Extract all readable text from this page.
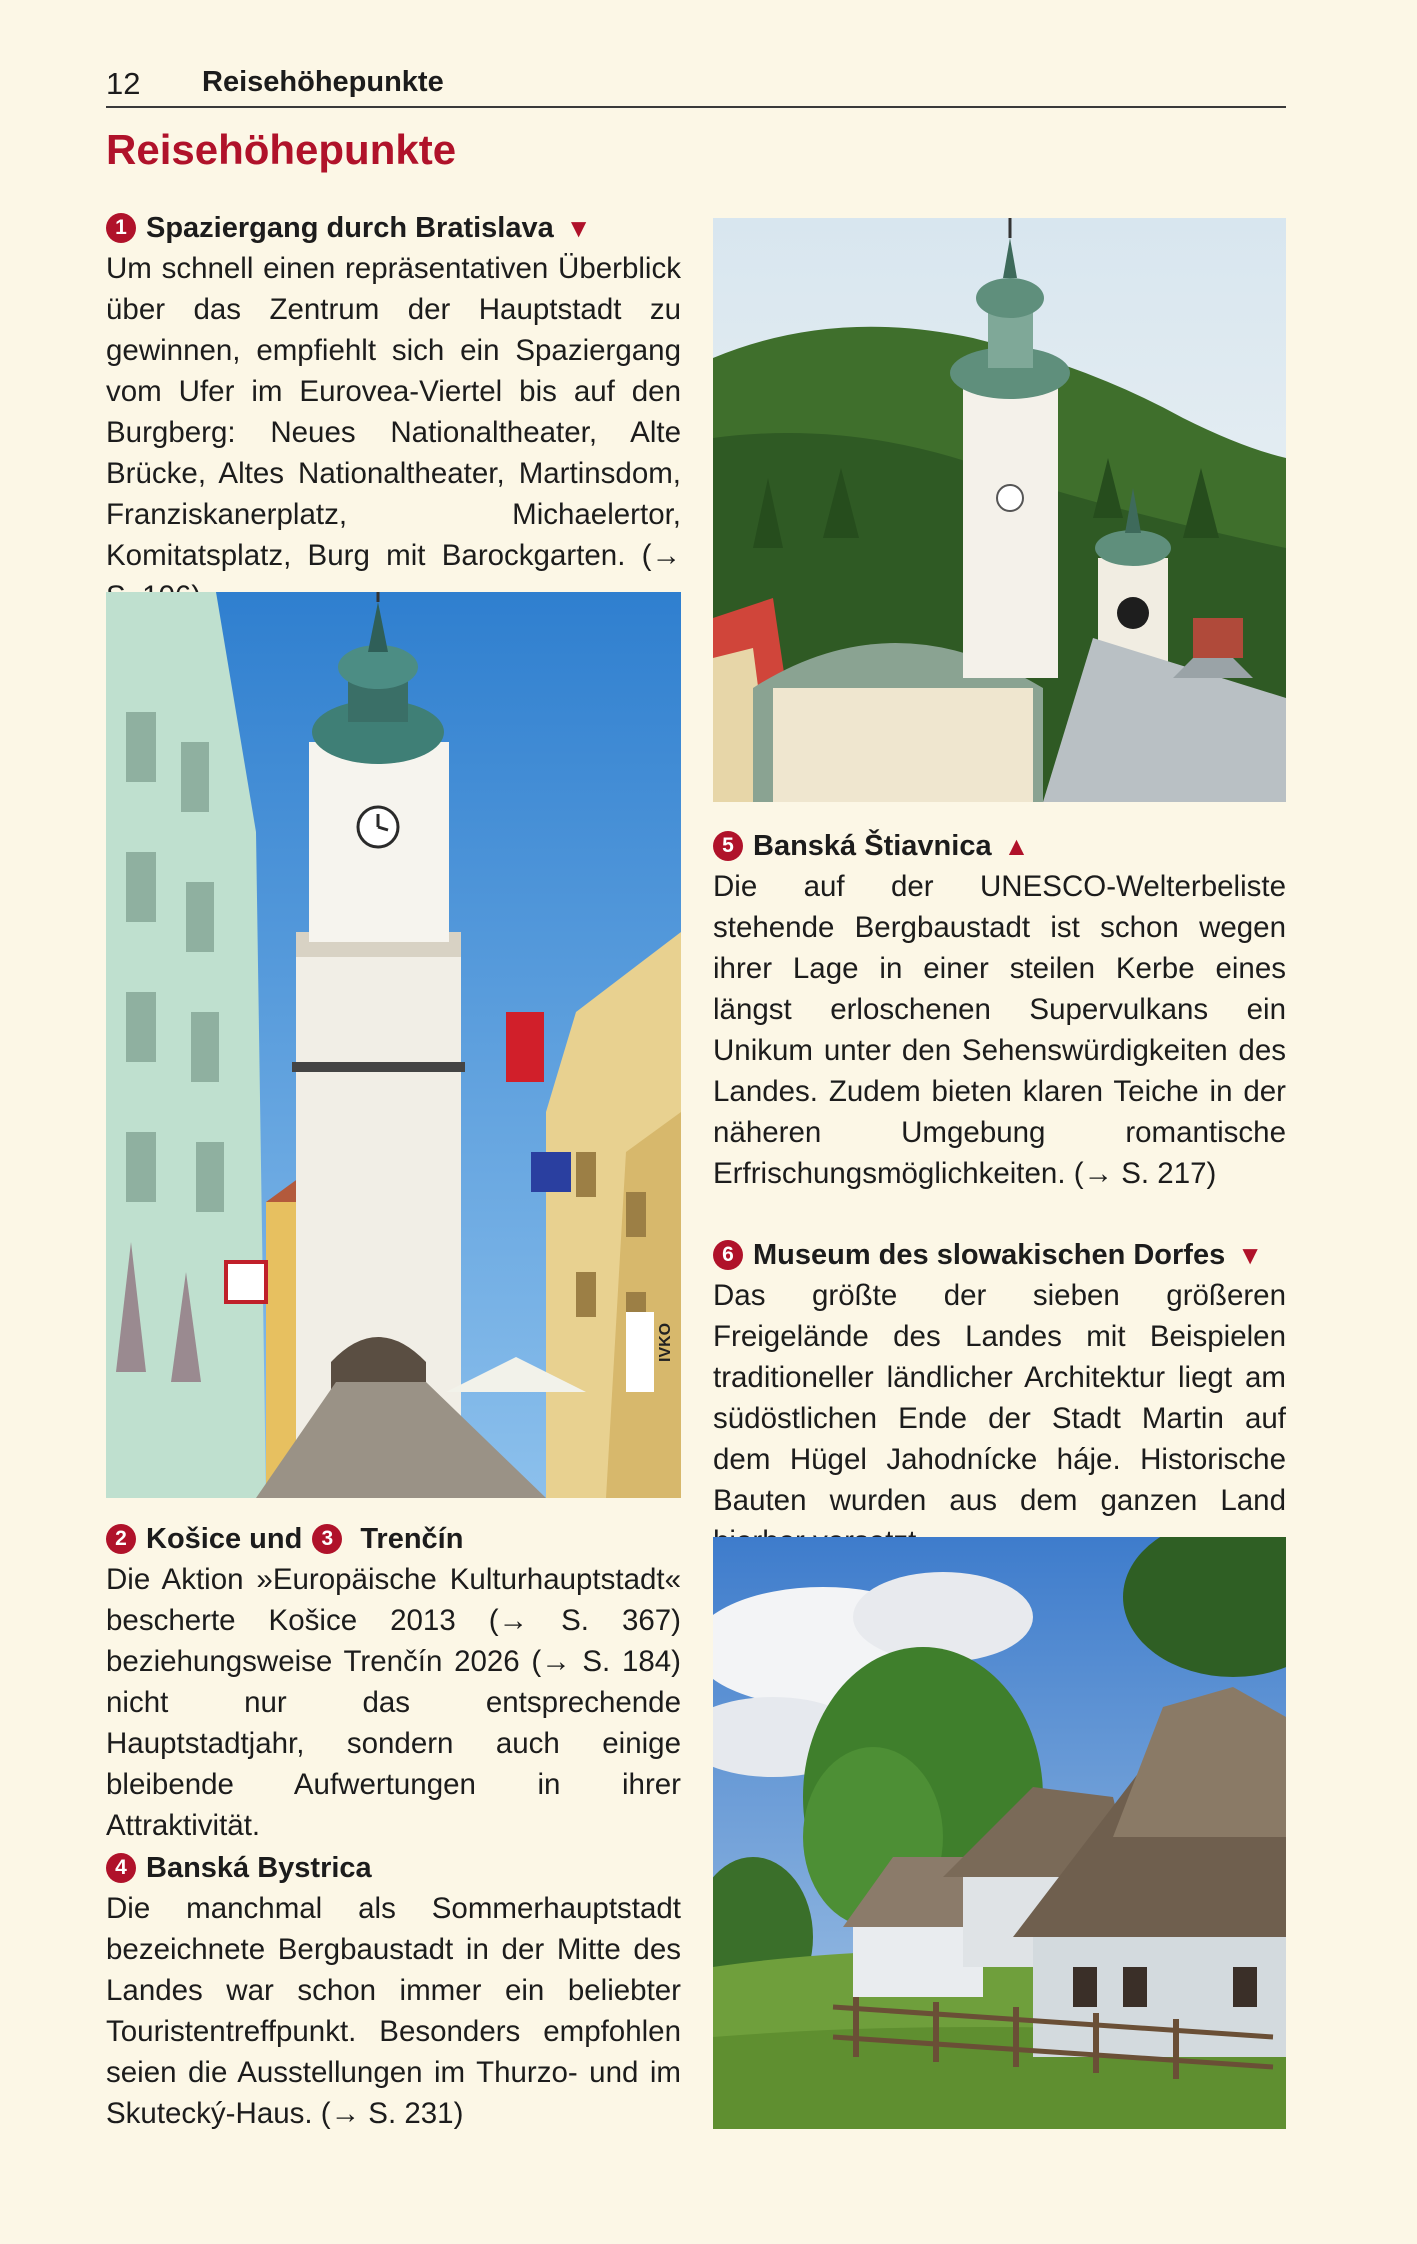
12 Reisehöhepunkte
Reisehöhepunkte
1 Spaziergang durch Bratislava ▼

Um schnell einen repräsentativen Überblick über das Zentrum der Hauptstadt zu gewinnen, empfiehlt sich ein Spaziergang vom Ufer im Eurovea-Viertel bis auf den Burgberg: Neues Nationaltheater, Alte Brücke, Altes Nationaltheater, Martinsdom, Franziskanerplatz, Michaelertor, Komitatsplatz, Burg mit Barockgarten. (→

IVKO
2 Košice und 3 Trenčín

Die Aktion »Europäische Kulturhauptstadt« bescherte Košice 2013 (→ S. 367) beziehungsweise Trenčín 2026 (→ S. 184) nicht nur das entsprechende Hauptstadtjahr, sondern auch einige bleibende Aufwertungen in ihrer Attraktivität.

4 Banská Bystrica

Die manchmal als Sommerhauptstadt bezeichnete Bergbaustadt in der Mitte des Landes war schon immer ein beliebter Touristentreffpunkt. Besonders empfohlen seien die Ausstellungen im Thurzo- und im Skutecký-Haus. (→ S. 231)

5 Banská Štiavnica ▲

Die auf der UNESCO-Welterbeliste stehende Bergbaustadt ist schon wegen ihrer Lage in einer steilen Kerbe eines längst erloschenen Supervulkans ein Unikum unter den Sehenswürdigkeiten des Landes. Zudem bieten klaren Teiche in der näheren Umgebung romantische Erfrischungsmöglichkeiten. (→ S. 217)

6 Museum des slowakischen Dorfes ▼

Das größte der sieben größeren Freigelände des Landes mit Beispielen traditioneller ländlicher Architektur liegt am südöstlichen Ende der Stadt Martin auf dem Hügel Jahodnícke háje. Historische Bauten wurden aus dem ganzen Land
